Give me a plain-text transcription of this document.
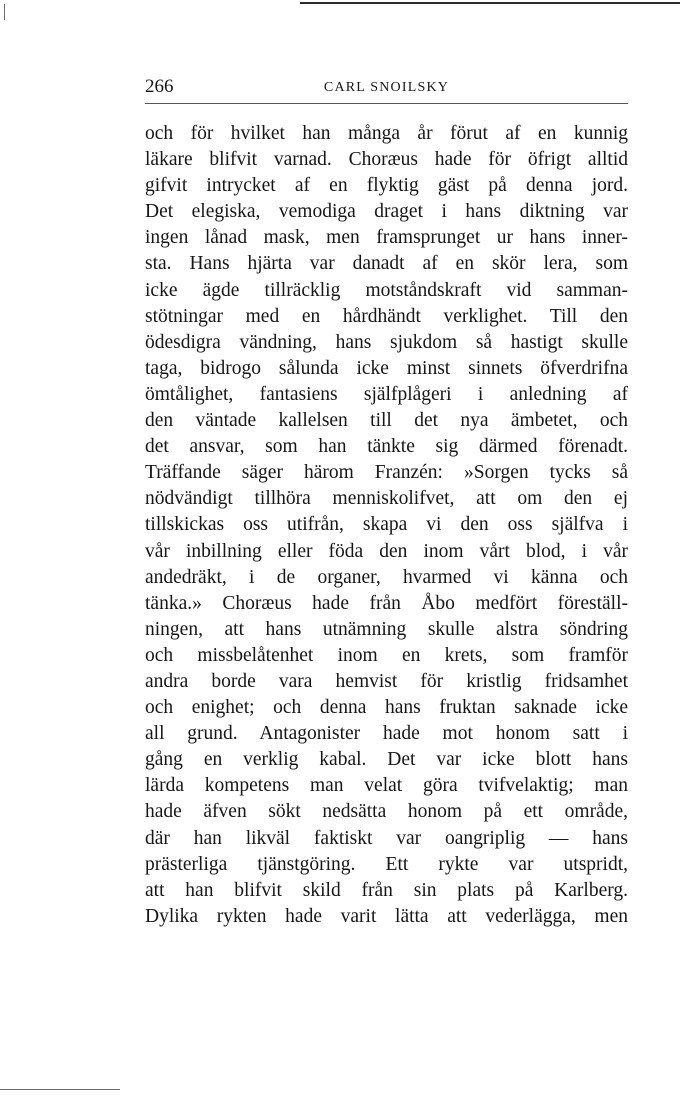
266	CARL SNOILSKY
och för hvilket han många år förut af en kunnig
läkare blifvit varnad. Choræus hade för öfrigt alltid
gifvit intrycket af en flyktig gäst på denna jord.
Det elegiska, vemodiga draget i hans diktning var
ingen lånad mask, men framsprunget ur hans inner-
sta. Hans hjärta var danadt af en skör lera, som
icke ägde tillräcklig motståndskraft vid samman-
stötningar med en hårdhändt verklighet. Till den
ödesdigra vändning, hans sjukdom så hastigt skulle
taga, bidrogo sålunda icke minst sinnets öfverdrifna
ömtålighet, fantasiens själfplågeri i anledning af
den väntade kallelsen till det nya ämbetet, och
det ansvar, som han tänkte sig därmed förenadt.
Träffande säger härom Franzén: »Sorgen tycks så
nödvändigt tillhöra menniskolifvet, att om den ej
tillskickas oss utifrån, skapa vi den oss själfva i
vår inbillning eller föda den inom vårt blod, i vår
andedräkt, i de organer, hvarmed vi känna och
tänka.» Choræus hade från Åbo medfört föreställ-
ningen, att hans utnämning skulle alstra söndring
och missbelåtenhet inom en krets, som framför
andra borde vara hemvist för kristlig fridsamhet
och enighet; och denna hans fruktan saknade icke
all grund. Antagonister hade mot honom satt i
gång en verklig kabal. Det var icke blott hans
lärda kompetens man velat göra tvifvelaktig; man
hade äfven sökt nedsätta honom på ett område,
där han likväl faktiskt var oangriplig — hans
prästerliga tjänstgöring. Ett rykte var utspridt,
att han blifvit skild från sin plats på Karlberg.
Dylika rykten hade varit lätta att vederlägga, men
